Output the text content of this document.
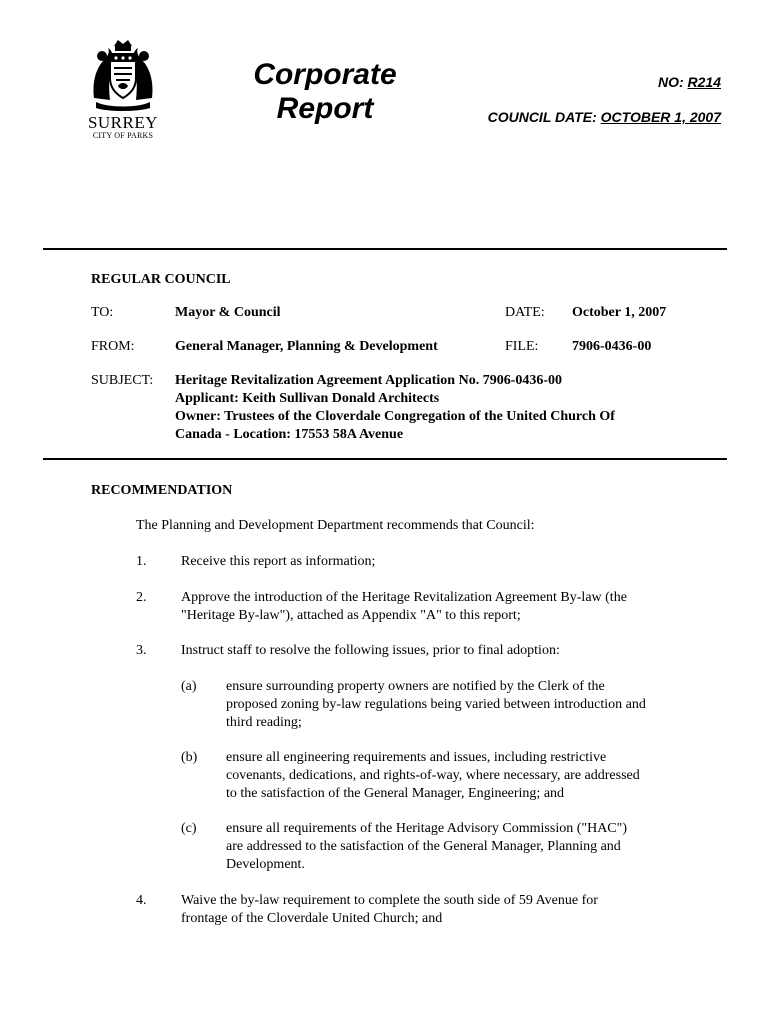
SURREY
CITY OF PARKS
Corporate
Report
NO: R214
COUNCIL DATE: OCTOBER 1, 2007
REGULAR COUNCIL
TO:	Mayor & Council	DATE: October 1, 2007
FROM:	General Manager, Planning & Development	FILE: 7906-0436-00
SUBJECT: Heritage Revitalization Agreement Application No. 7906-0436-00
Applicant: Keith Sullivan Donald Architects
Owner: Trustees of the Cloverdale Congregation of the United Church Of
Canada - Location: 17553 58A Avenue
RECOMMENDATION
The Planning and Development Department recommends that Council:
1. Receive this report as information;
2. Approve the introduction of the Heritage Revitalization Agreement By-law (the
"Heritage By-law"), attached as Appendix "A" to this report;
3. Instruct staff to resolve the following issues, prior to final adoption:
(a) ensure surrounding property owners are notified by the Clerk of the
proposed zoning by-law regulations being varied between introduction and
third reading;
(b) ensure all engineering requirements and issues, including restrictive
covenants, dedications, and rights-of-way, where necessary, are addressed
to the satisfaction of the General Manager, Engineering; and
(c) ensure all requirements of the Heritage Advisory Commission ("HAC")
are addressed to the satisfaction of the General Manager, Planning and
Development.
4. Waive the by-law requirement to complete the south side of 59 Avenue for
frontage of the Cloverdale United Church; and
